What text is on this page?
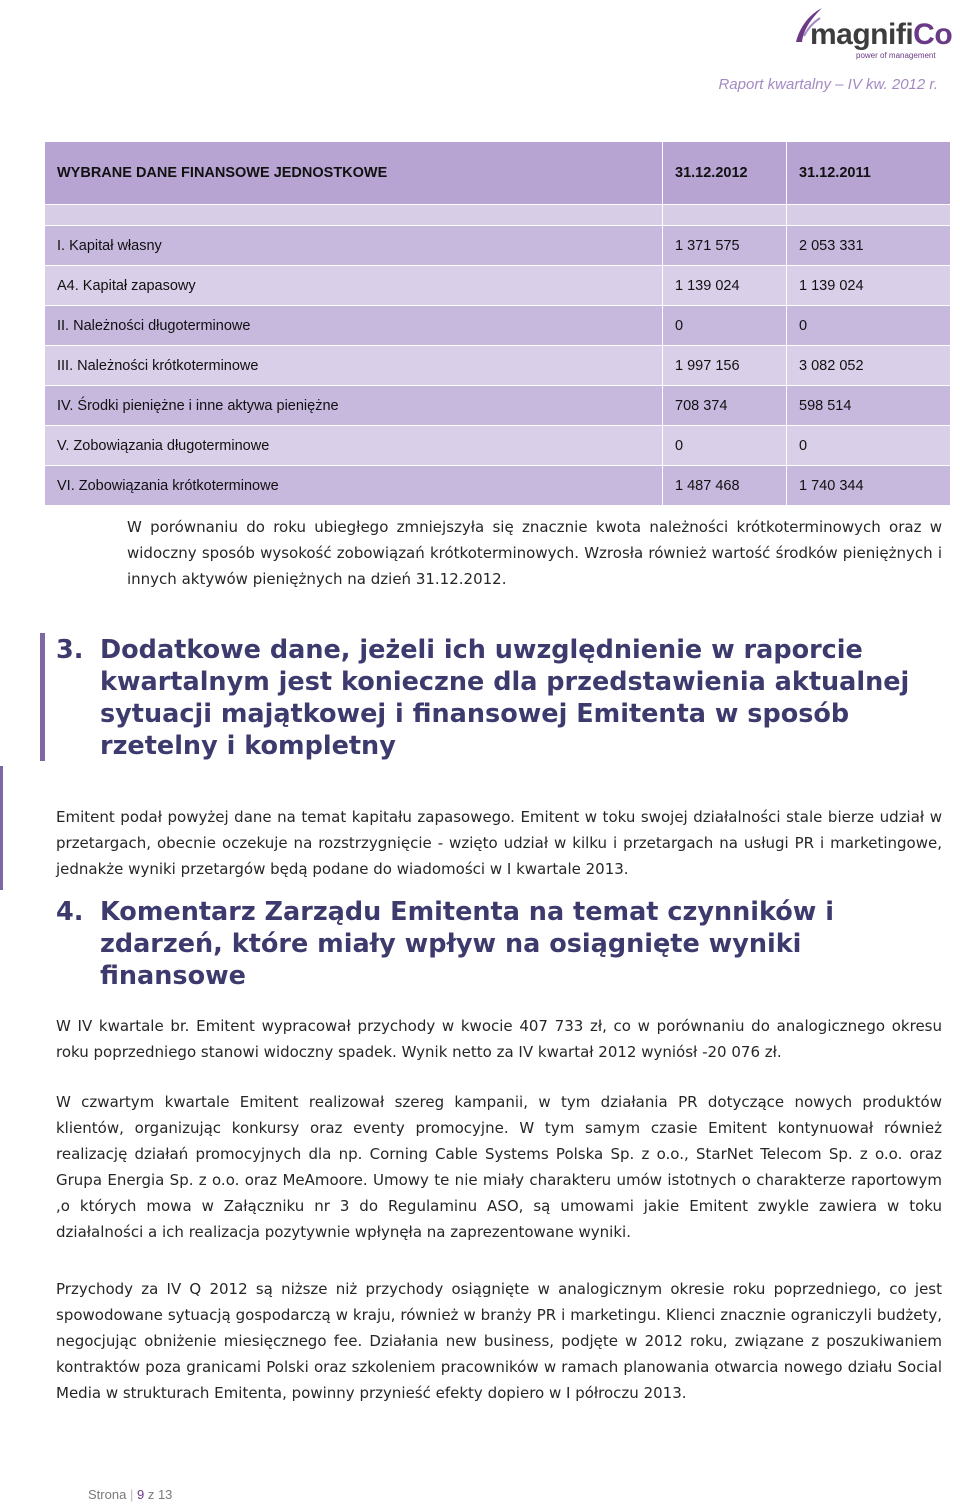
magnifiCo
power of management
Raport kwartalny – IV kw. 2012 r.
WYBRANE DANE FINANSOWE JEDNOSTKOWE	31.12.2012	31.12.2011

I. Kapitał własny	1 371 575	2 053 331
A4. Kapitał zapasowy	1 139 024	1 139 024
II. Należności długoterminowe	0	0
III. Należności krótkoterminowe	1 997 156	3 082 052
IV. Środki pieniężne i inne aktywa pieniężne	708 374	598 514
V. Zobowiązania długoterminowe	0	0
VI. Zobowiązania krótkoterminowe	1 487 468	1 740 344

W porównaniu do roku ubiegłego zmniejszyła się znacznie kwota należności krótkoterminowych oraz w widoczny sposób wysokość zobowiązań krótkoterminowych. Wzrosła również wartość środków pieniężnych i innych aktywów pieniężnych na dzień 31.12.2012.

3. Dodatkowe dane, jeżeli ich uwzględnienie w raporcie kwartalnym jest konieczne dla przedstawienia aktualnej sytuacji majątkowej i finansowej Emitenta w sposób rzetelny i kompletny

Emitent podał powyżej dane na temat kapitału zapasowego. Emitent w toku swojej działalności stale bierze udział w przetargach, obecnie oczekuje na rozstrzygnięcie - wzięto udział w kilku i przetargach na usługi PR i marketingowe, jednakże wyniki przetargów będą podane do wiadomości w I kwartale 2013.

4. Komentarz Zarządu Emitenta na temat czynników i zdarzeń, które miały wpływ na osiągnięte wyniki finansowe

W IV kwartale br. Emitent wypracował przychody w kwocie 407 733 zł, co w porównaniu do analogicznego okresu roku poprzedniego stanowi widoczny spadek. Wynik netto za IV kwartał 2012 wyniósł -20 076 zł.

W czwartym kwartale Emitent realizował szereg kampanii, w tym działania PR dotyczące nowych produktów klientów, organizując konkursy oraz eventy promocyjne. W tym samym czasie Emitent kontynuował również realizację działań promocyjnych dla np. Corning Cable Systems Polska Sp. z o.o., StarNet Telecom Sp. z o.o. oraz Grupa Energia Sp. z o.o. oraz MeAmoore. Umowy te nie miały charakteru umów istotnych o charakterze raportowym ,o których mowa w Załączniku nr 3 do Regulaminu ASO, są umowami jakie Emitent zwykle zawiera w toku działalności a ich realizacja pozytywnie wpłynęła na zaprezentowane wyniki.

Przychody za IV Q 2012 są niższe niż przychody osiągnięte w analogicznym okresie roku poprzedniego, co jest spowodowane sytuacją gospodarczą w kraju, również w branży PR i marketingu. Klienci znacznie ograniczyli budżety, negocjując obniżenie miesięcznego fee. Działania new business, podjęte w 2012 roku, związane z poszukiwaniem kontraktów poza granicami Polski oraz szkoleniem pracowników w ramach planowania otwarcia nowego działu Social Media w strukturach Emitenta, powinny przynieść efekty dopiero w I półroczu 2013.

Strona | 9 z 13
